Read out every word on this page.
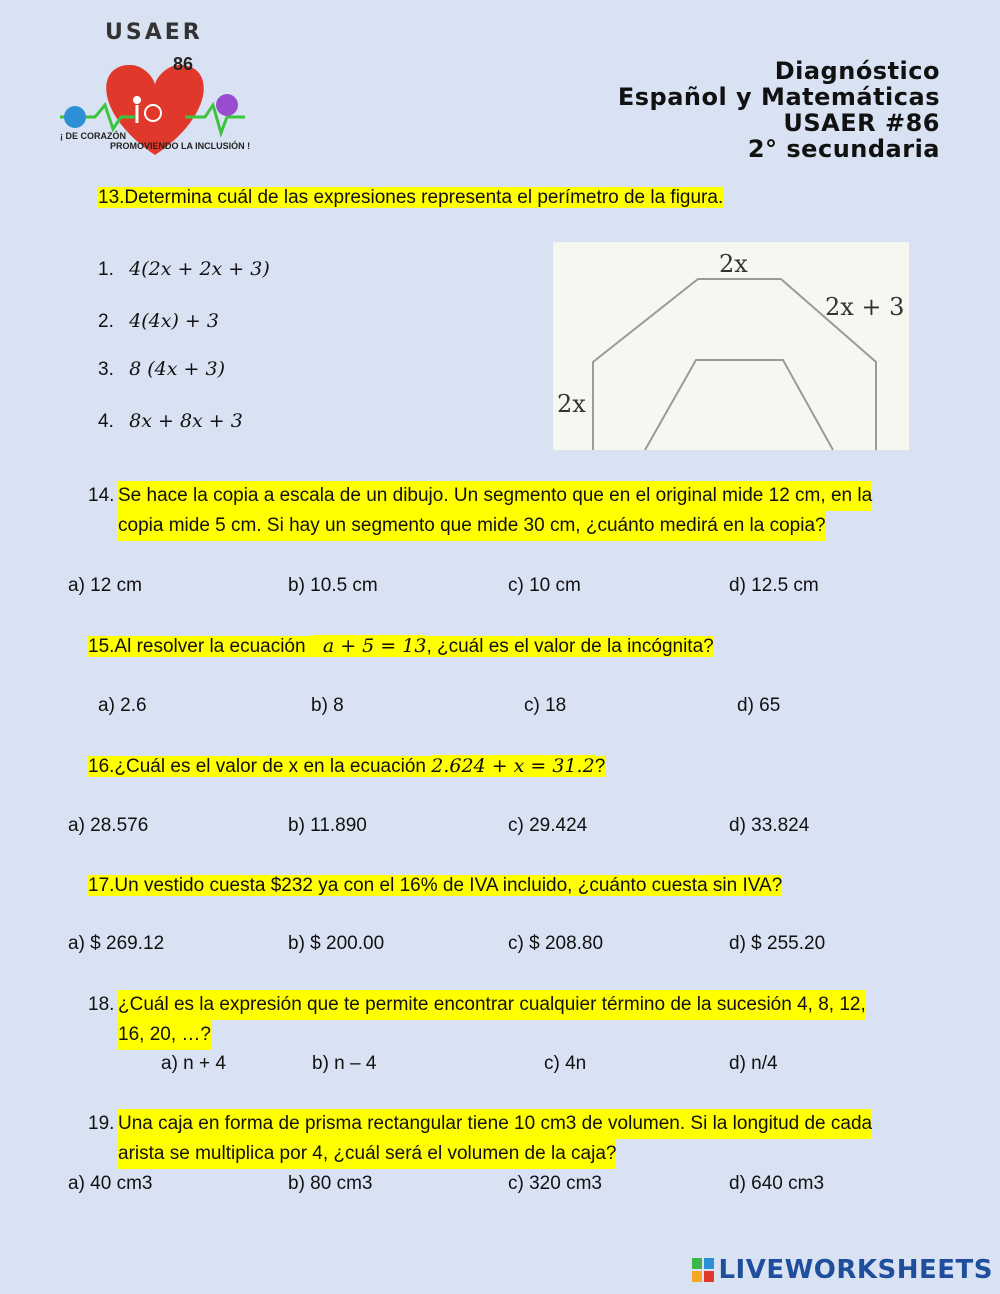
USAER
86
¡ DE CORAZÓN
PROMOVIENDO LA INCLUSIÓN !
Diagnóstico
Español y Matemáticas
USAER #86
2° secundaria
13.Determina cuál de las expresiones representa el perímetro de la figura.
1. 4(2x + 2x + 3)
2. 4(4x) + 3
3. 8 (4x + 3)
4. 8x + 8x + 3
2x
2x + 3
2x
14. Se hace la copia a escala de un dibujo. Un segmento que en el original mide 12 cm, en la
copia mide 5 cm. Si hay un segmento que mide 30 cm, ¿cuánto medirá en la copia?
a) 12 cm	b) 10.5 cm	c) 10 cm	d) 12.5 cm
15.Al resolver la ecuación a + 5 = 13, ¿cuál es el valor de la incógnita?
a) 2.6	b) 8	c) 18	d) 65
16.¿Cuál es el valor de x en la ecuación 2.624 + x = 31.2?
a) 28.576	b) 11.890	c) 29.424	d) 33.824
17.Un vestido cuesta $232 ya con el 16% de IVA incluido, ¿cuánto cuesta sin IVA?
a) $ 269.12	b) $ 200.00	c) $ 208.80	d) $ 255.20
18. ¿Cuál es la expresión que te permite encontrar cualquier término de la sucesión 4, 8, 12,
16, 20, …?
a) n + 4	b) n – 4	c) 4n	d) n/4
19. Una caja en forma de prisma rectangular tiene 10 cm3 de volumen. Si la longitud de cada
arista se multiplica por 4, ¿cuál será el volumen de la caja?
a) 40 cm3	b) 80 cm3	c) 320 cm3	d) 640 cm3
LIVEWORKSHEETS
